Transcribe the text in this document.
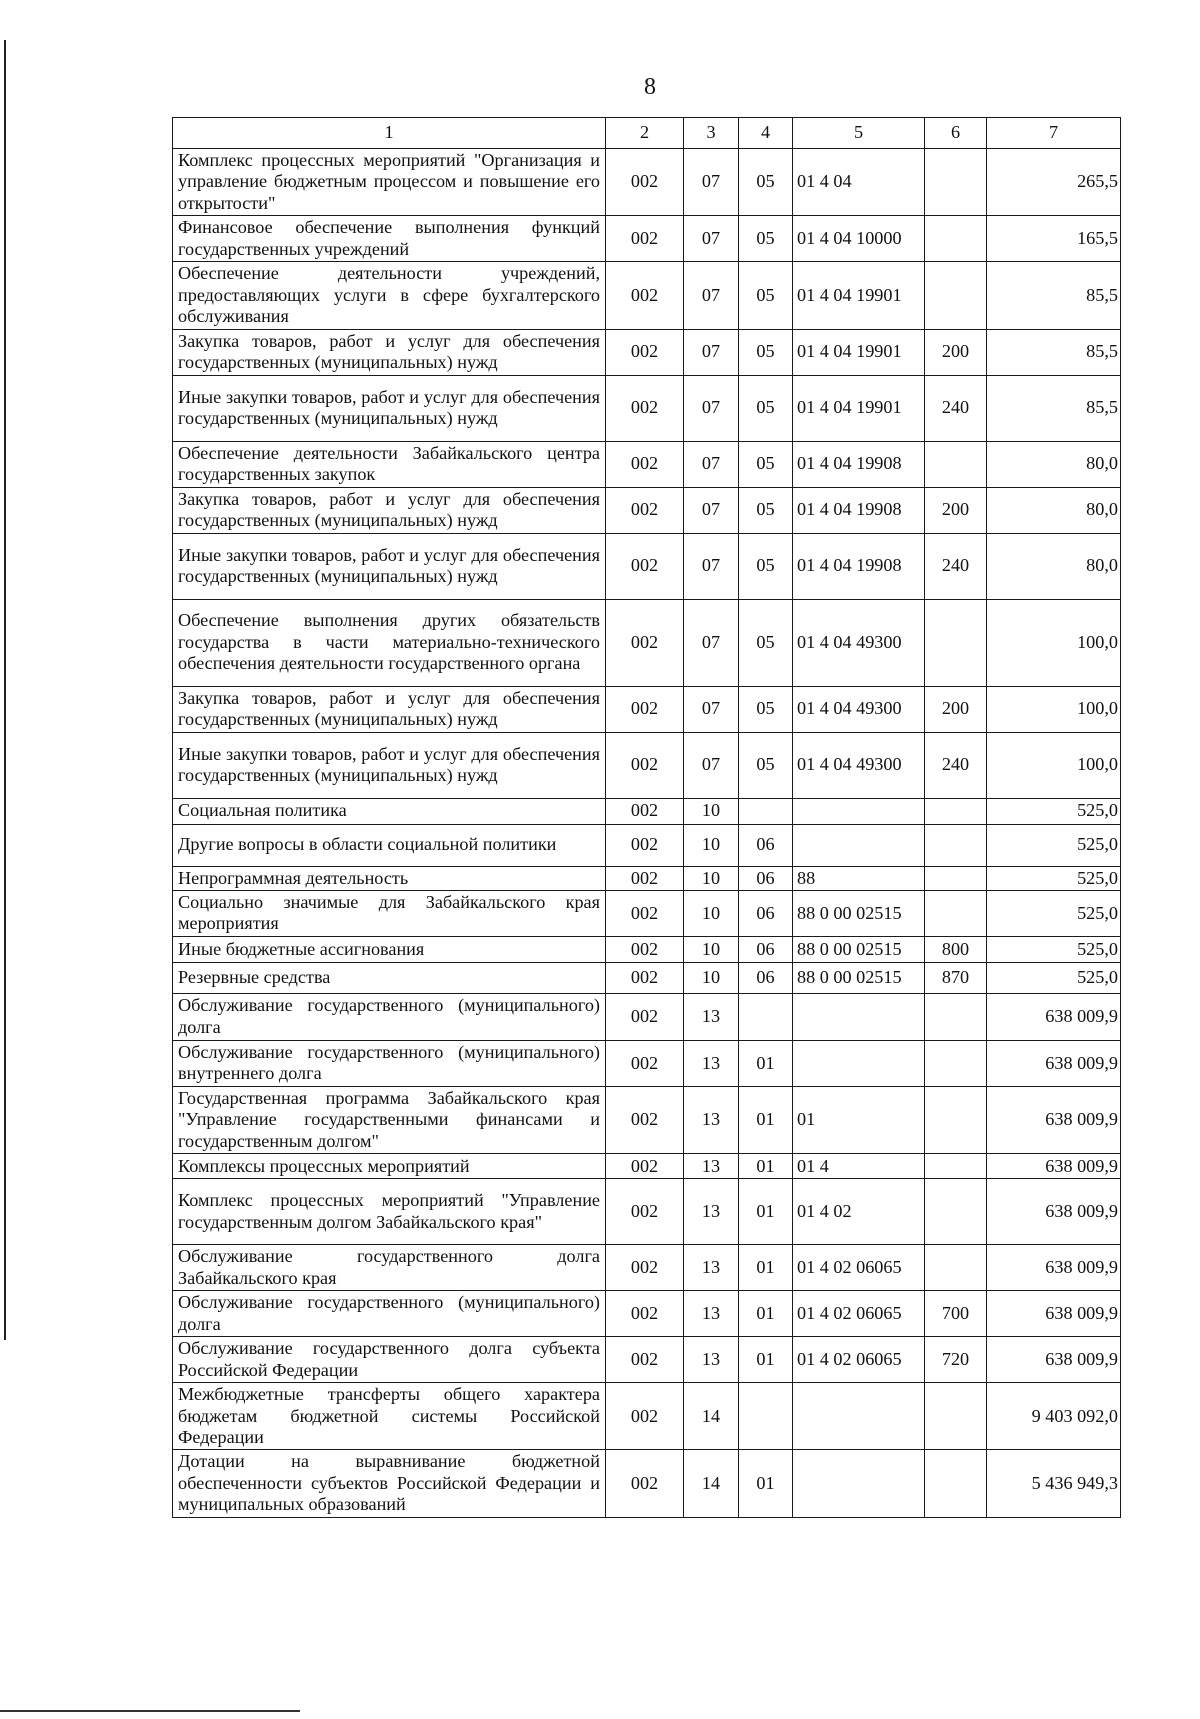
8
1	2	3	4	5	6	7
Комплекс процессных мероприятий "Организация и управление бюджетным процессом и повышение его открытости"	002	07	05	01 4 04		265,5
Финансовое обеспечение выполнения функций государственных учреждений	002	07	05	01 4 04 10000		165,5
Обеспечение деятельности учреждений, предоставляющих услуги в сфере бухгалтерского обслуживания	002	07	05	01 4 04 19901		85,5
Закупка товаров, работ и услуг для обеспечения государственных (муниципальных) нужд	002	07	05	01 4 04 19901	200	85,5
Иные закупки товаров, работ и услуг для обеспечения государственных (муниципальных) нужд	002	07	05	01 4 04 19901	240	85,5
Обеспечение деятельности Забайкальского центра государственных закупок	002	07	05	01 4 04 19908		80,0
Закупка товаров, работ и услуг для обеспечения государственных (муниципальных) нужд	002	07	05	01 4 04 19908	200	80,0
Иные закупки товаров, работ и услуг для обеспечения государственных (муниципальных) нужд	002	07	05	01 4 04 19908	240	80,0
Обеспечение выполнения других обязательств государства в части материально-технического обеспечения деятельности государственного органа	002	07	05	01 4 04 49300		100,0
Закупка товаров, работ и услуг для обеспечения государственных (муниципальных) нужд	002	07	05	01 4 04 49300	200	100,0
Иные закупки товаров, работ и услуг для обеспечения государственных (муниципальных) нужд	002	07	05	01 4 04 49300	240	100,0
Социальная политика	002	10				525,0
Другие вопросы в области социальной политики	002	10	06			525,0
Непрограммная деятельность	002	10	06	88		525,0
Социально значимые для Забайкальского края мероприятия	002	10	06	88 0 00 02515		525,0
Иные бюджетные ассигнования	002	10	06	88 0 00 02515	800	525,0
Резервные средства	002	10	06	88 0 00 02515	870	525,0
Обслуживание государственного (муниципального) долга	002	13				638 009,9
Обслуживание государственного (муниципального) внутреннего долга	002	13	01			638 009,9
Государственная программа Забайкальского края "Управление государственными финансами и государственным долгом"	002	13	01	01		638 009,9
Комплексы процессных мероприятий	002	13	01	01 4		638 009,9
Комплекс процессных мероприятий "Управление государственным долгом Забайкальского края"	002	13	01	01 4 02		638 009,9
Обслуживание государственного долга Забайкальского края	002	13	01	01 4 02 06065		638 009,9
Обслуживание государственного (муниципального) долга	002	13	01	01 4 02 06065	700	638 009,9
Обслуживание государственного долга субъекта Российской Федерации	002	13	01	01 4 02 06065	720	638 009,9
Межбюджетные трансферты общего характера бюджетам бюджетной системы Российской Федерации	002	14				9 403 092,0
Дотации на выравнивание бюджетной обеспеченности субъектов Российской Федерации и муниципальных образований	002	14	01			5 436 949,3
